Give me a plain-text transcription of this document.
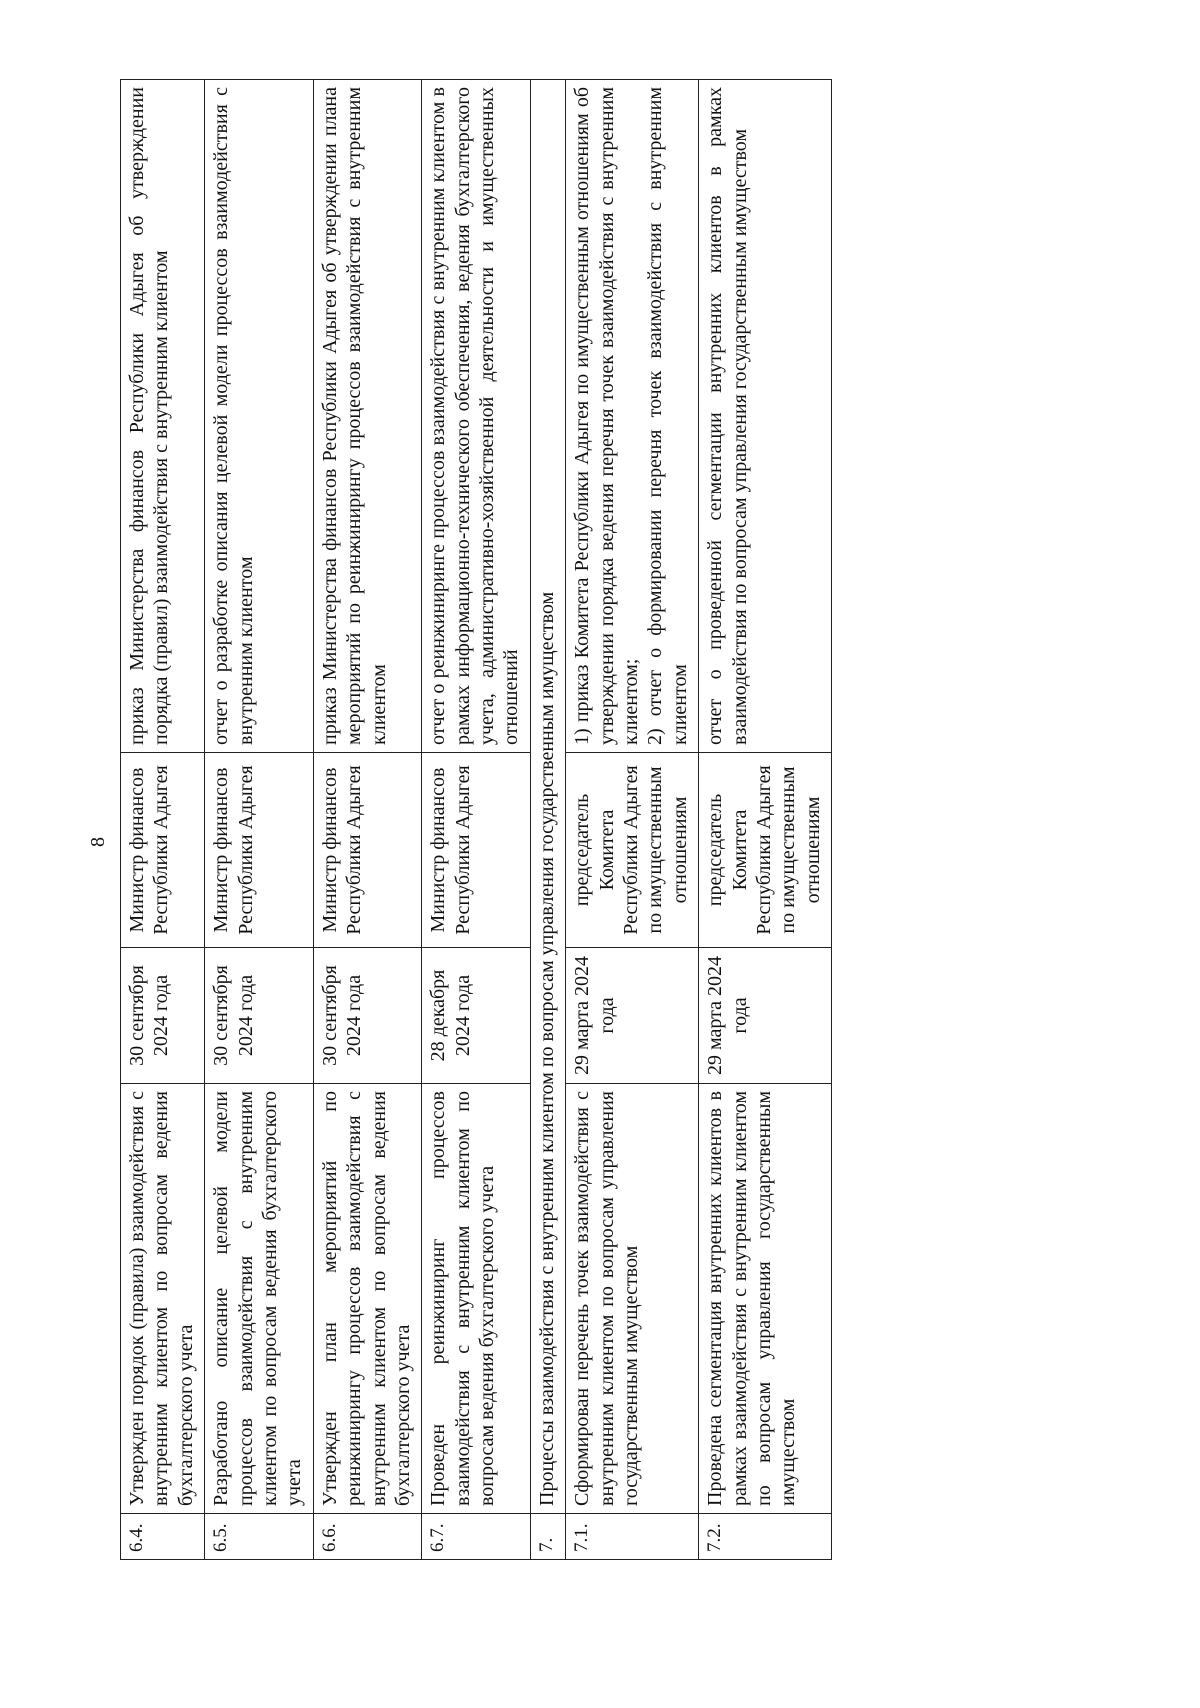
8
6.4.	Утвержден порядок (правила) взаимодействия с внутренним клиентом по вопросам ведения бухгалтерского учета	30 сентября 2024 года	Министр финансов Республики Адыгея	приказ Министерства финансов Республики Адыгея об утверждении порядка (правил) взаимодействия с внутренним клиентом
6.5.	Разработано описание целевой модели процессов взаимодействия с внутренним клиентом по вопросам ведения бухгалтерского учета	30 сентября 2024 года	Министр финансов Республики Адыгея	отчет о разработке описания целевой модели процессов взаимодействия с внутренним клиентом
6.6.	Утвержден план мероприятий по реинжинирингу процессов взаимодействия с внутренним клиентом по вопросам ведения бухгалтерского учета	30 сентября 2024 года	Министр финансов Республики Адыгея	приказ Министерства финансов Республики Адыгея об утверждении плана мероприятий по реинжинирингу процессов взаимодействия с внутренним клиентом
6.7.	Проведен реинжиниринг процессов взаимодействия с внутренним клиентом по вопросам ведения бухгалтерского учета	28 декабря 2024 года	Министр финансов Республики Адыгея	отчет о реинжиниринге процессов взаимодействия с внутренним клиентом в рамках информационно-технического обеспечения, ведения бухгалтерского учета, административно-хозяйственной деятельности и имущественных отношений
7.	Процессы взаимодействия с внутренним клиентом по вопросам управления государственным имуществом			
7.1.	Сформирован перечень точек взаимодействия с внутренним клиентом по вопросам управления государственным имуществом	29 марта 2024 года	председатель Комитета Республики Адыгея по имущественным отношениям	1) приказ Комитета Республики Адыгея по имущественным отношениям об утверждении порядка ведения перечня точек взаимодействия с внутренним клиентом; 2) отчет о формировании перечня точек взаимодействия с внутренним клиентом

7.2.	Проведена сегментация внутренних клиентов в рамках взаимодействия с внутренним клиентом по вопросам управления государственным имуществом	29 марта 2024 года	председатель Комитета Республики Адыгея по имущественным отношениям	отчет о проведенной сегментации внутренних клиентов в рамках взаимодействия по вопросам управления государственным имуществом
